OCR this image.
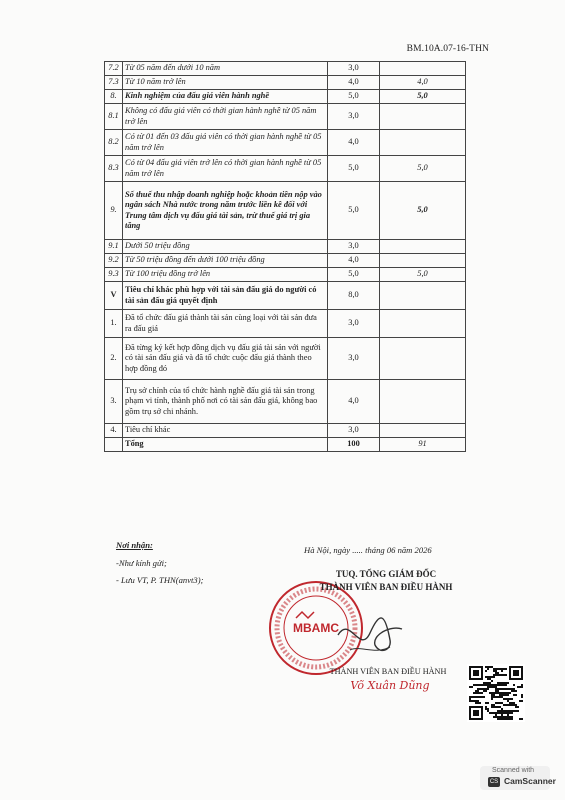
BM.10A.07-16-THN
7.2	Từ 05 năm đến dưới 10 năm	3,0	
7.3	Từ 10 năm trở lên	4,0	4,0
8.	Kinh nghiệm của đấu giá viên hành nghề	5,0	5,0
8.1	Không có đấu giá viên có thời gian hành nghề từ 05 năm trở lên	3,0	
8.2	Có từ 01 đến 03 đấu giá viên có thời gian hành nghề từ 05 năm trở lên	4,0	
8.3	Có từ 04 đấu giá viên trở lên có thời gian hành nghề từ 05 năm trở lên	5,0	5,0
9.	Số thuế thu nhập doanh nghiệp hoặc khoản tiền nộp vào ngân sách Nhà nước trong năm trước liền kề đối với Trung tâm dịch vụ đấu giá tài sản, trừ thuế giá trị gia tăng	5,0	5,0
9.1	Dưới 50 triệu đồng	3,0	
9.2	Từ 50 triệu đồng đến dưới 100 triệu đồng	4,0	
9.3	Từ 100 triệu đồng trở lên	5,0	5,0
V	Tiêu chí khác phù hợp với tài sản đấu giá do người có tài sản đấu giá quyết định	8,0	
1.	Đã tổ chức đấu giá thành tài sản cùng loại với tài sản đưa ra đấu giá	3,0	
2.	Đã từng ký kết hợp đồng dịch vụ đấu giá tài sản với người có tài sản đấu giá và đã tổ chức cuộc đấu giá thành theo hợp đồng đó	3,0	
3.	Trụ sở chính của tổ chức hành nghề đấu giá tài sản trong phạm vi tỉnh, thành phố nơi có tài sản đấu giá, không bao gồm trụ sở chi nhánh.	4,0	
4.	Tiêu chí khác	3,0	
	Tổng	100	91
Nơi nhận:
-Như kính gửi;
- Lưu VT, P. THN(anvt3);
Hà Nội, ngày ..... tháng 06 năm 2026
MBAMC
TUQ. TỔNG GIÁM ĐỐC
THÀNH VIÊN BAN ĐIỀU HÀNH
THÀNH VIÊN BAN ĐIỀU HÀNH
Võ Xuân Dũng
Scanned with
CS CamScanner
